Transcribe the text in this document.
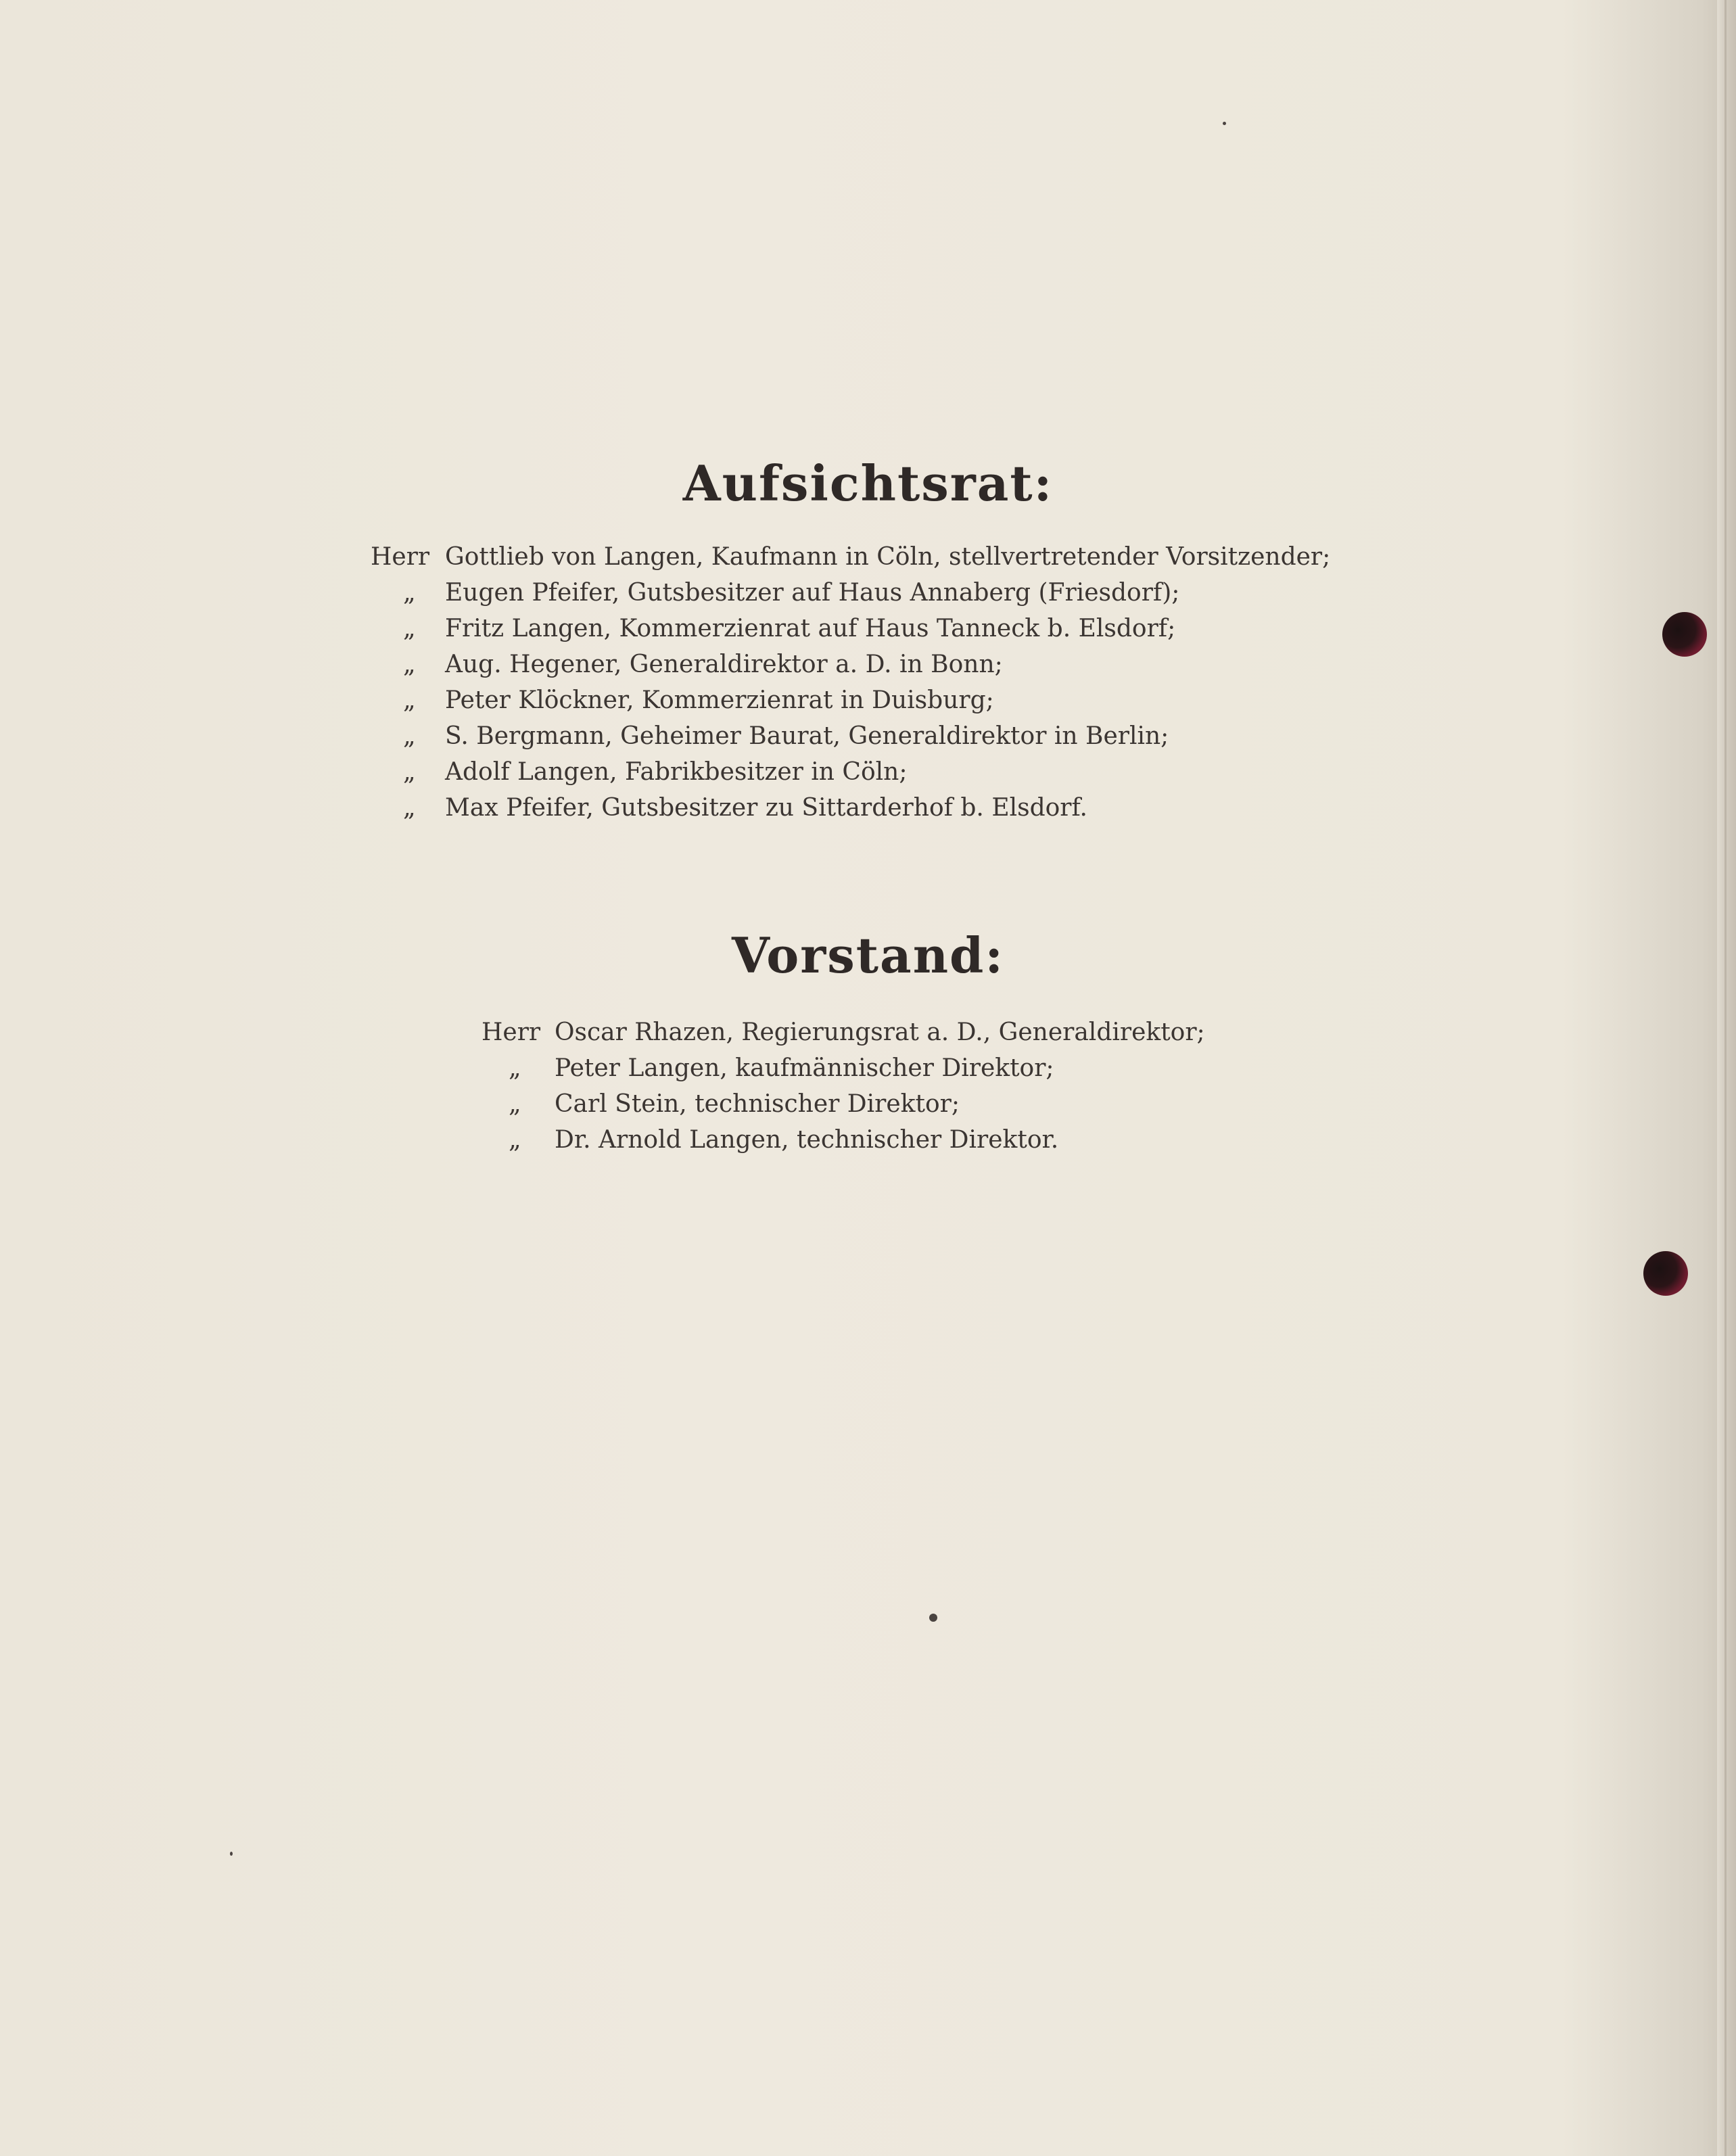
Aufsichtsrat:
Herr Gottlieb von Langen, Kaufmann in Cöln, stellvertretender Vorsitzender;
„ Eugen Pfeifer, Gutsbesitzer auf Haus Annaberg (Friesdorf);
„ Fritz Langen, Kommerzienrat auf Haus Tanneck b. Elsdorf;
„ Aug. Hegener, Generaldirektor a. D. in Bonn;
„ Peter Klöckner, Kommerzienrat in Duisburg;
„ S. Bergmann, Geheimer Baurat, Generaldirektor in Berlin;
„ Adolf Langen, Fabrikbesitzer in Cöln;
„ Max Pfeifer, Gutsbesitzer zu Sittarderhof b. Elsdorf.
Vorstand:
Herr Oscar Rhazen, Regierungsrat a. D., Generaldirektor;
„ Peter Langen, kaufmännischer Direktor;
„ Carl Stein, technischer Direktor;
„ Dr. Arnold Langen, technischer Direktor.
